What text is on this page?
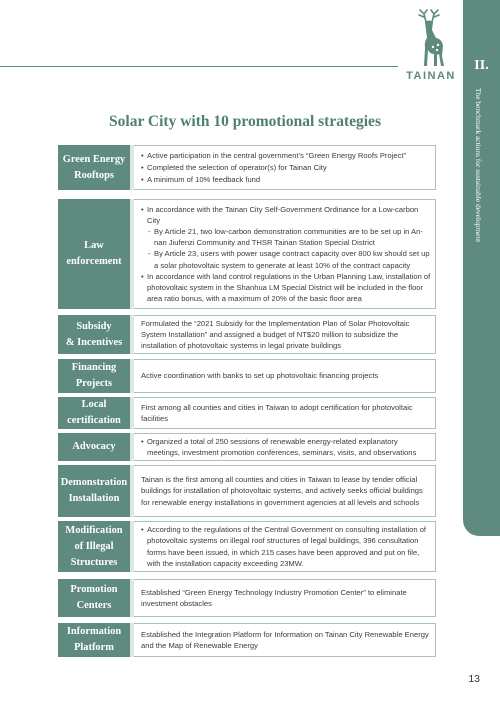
TAINAN
II.
The benchmark actions for sustainable development
Solar City with 10 promotional strategies
Green Energy
Rooftops

• Active participation in the central government’s “Green Energy Roofs Project”

• Completed the selection of operator(s) for Tainan City

• A minimum of 10% feedback fund

Law
enforcement

• In accordance with the Tainan City Self-Government Ordinance for a Low-carbon City

- By Article 21, two low-carbon demonstration communities are to be set up in An-nan Jiufenzi Community and THSR Tainan Station Special District

- By Article 23, users with power usage contract capacity over 800 kw should set up a solar photovoltaic system to generate at least 10% of the contract capacity

• In accordance with land control regulations in the Urban Planning Law, installation of photovoltaic system in the Shanhua LM Special District will be included in the floor area ratio bonus, with a maximum of 20% of the basic floor area

Subsidy
& Incentives

Formulated the “2021 Subsidy for the Implementation Plan of Solar Photovoltaic System Installation” and assigned a budget of NT$20 million to subsidize the installation of photovoltaic systems in legal private buildings

Financing
Projects

Active coordination with banks to set up photovoltaic financing projects

Local
certification

First among all counties and cities in Taiwan to adopt certification for photovoltaic facilities

Advocacy

•	Organized a total of 250 sessions of renewable energy-related explanatory meetings, investment promotion conferences, seminars, visits, and observations

Demonstration
Installation

Tainan is the first among all counties and cities in Taiwan to lease by tender official buildings for installation of photovoltaic systems, and actively seeks official buildings for renewable energy installations in government agencies at all levels and schools

Modification
of Illegal
Structures

• According to the regulations of the Central Government on consulting installation of photovoltaic systems on illegal roof structures of legal buildings, 396 consultation forms have been issued, in which 215 cases have been approved and put on file, with the installation capacity exceeding 23MW.

Promotion
Centers

Established “Green Energy Technology Industry Promotion Center” to eliminate investment obstacles

Information
Platform

Established the Integration Platform for Information on Tainan City Renewable Energy and the Map of Renewable Energy

13
